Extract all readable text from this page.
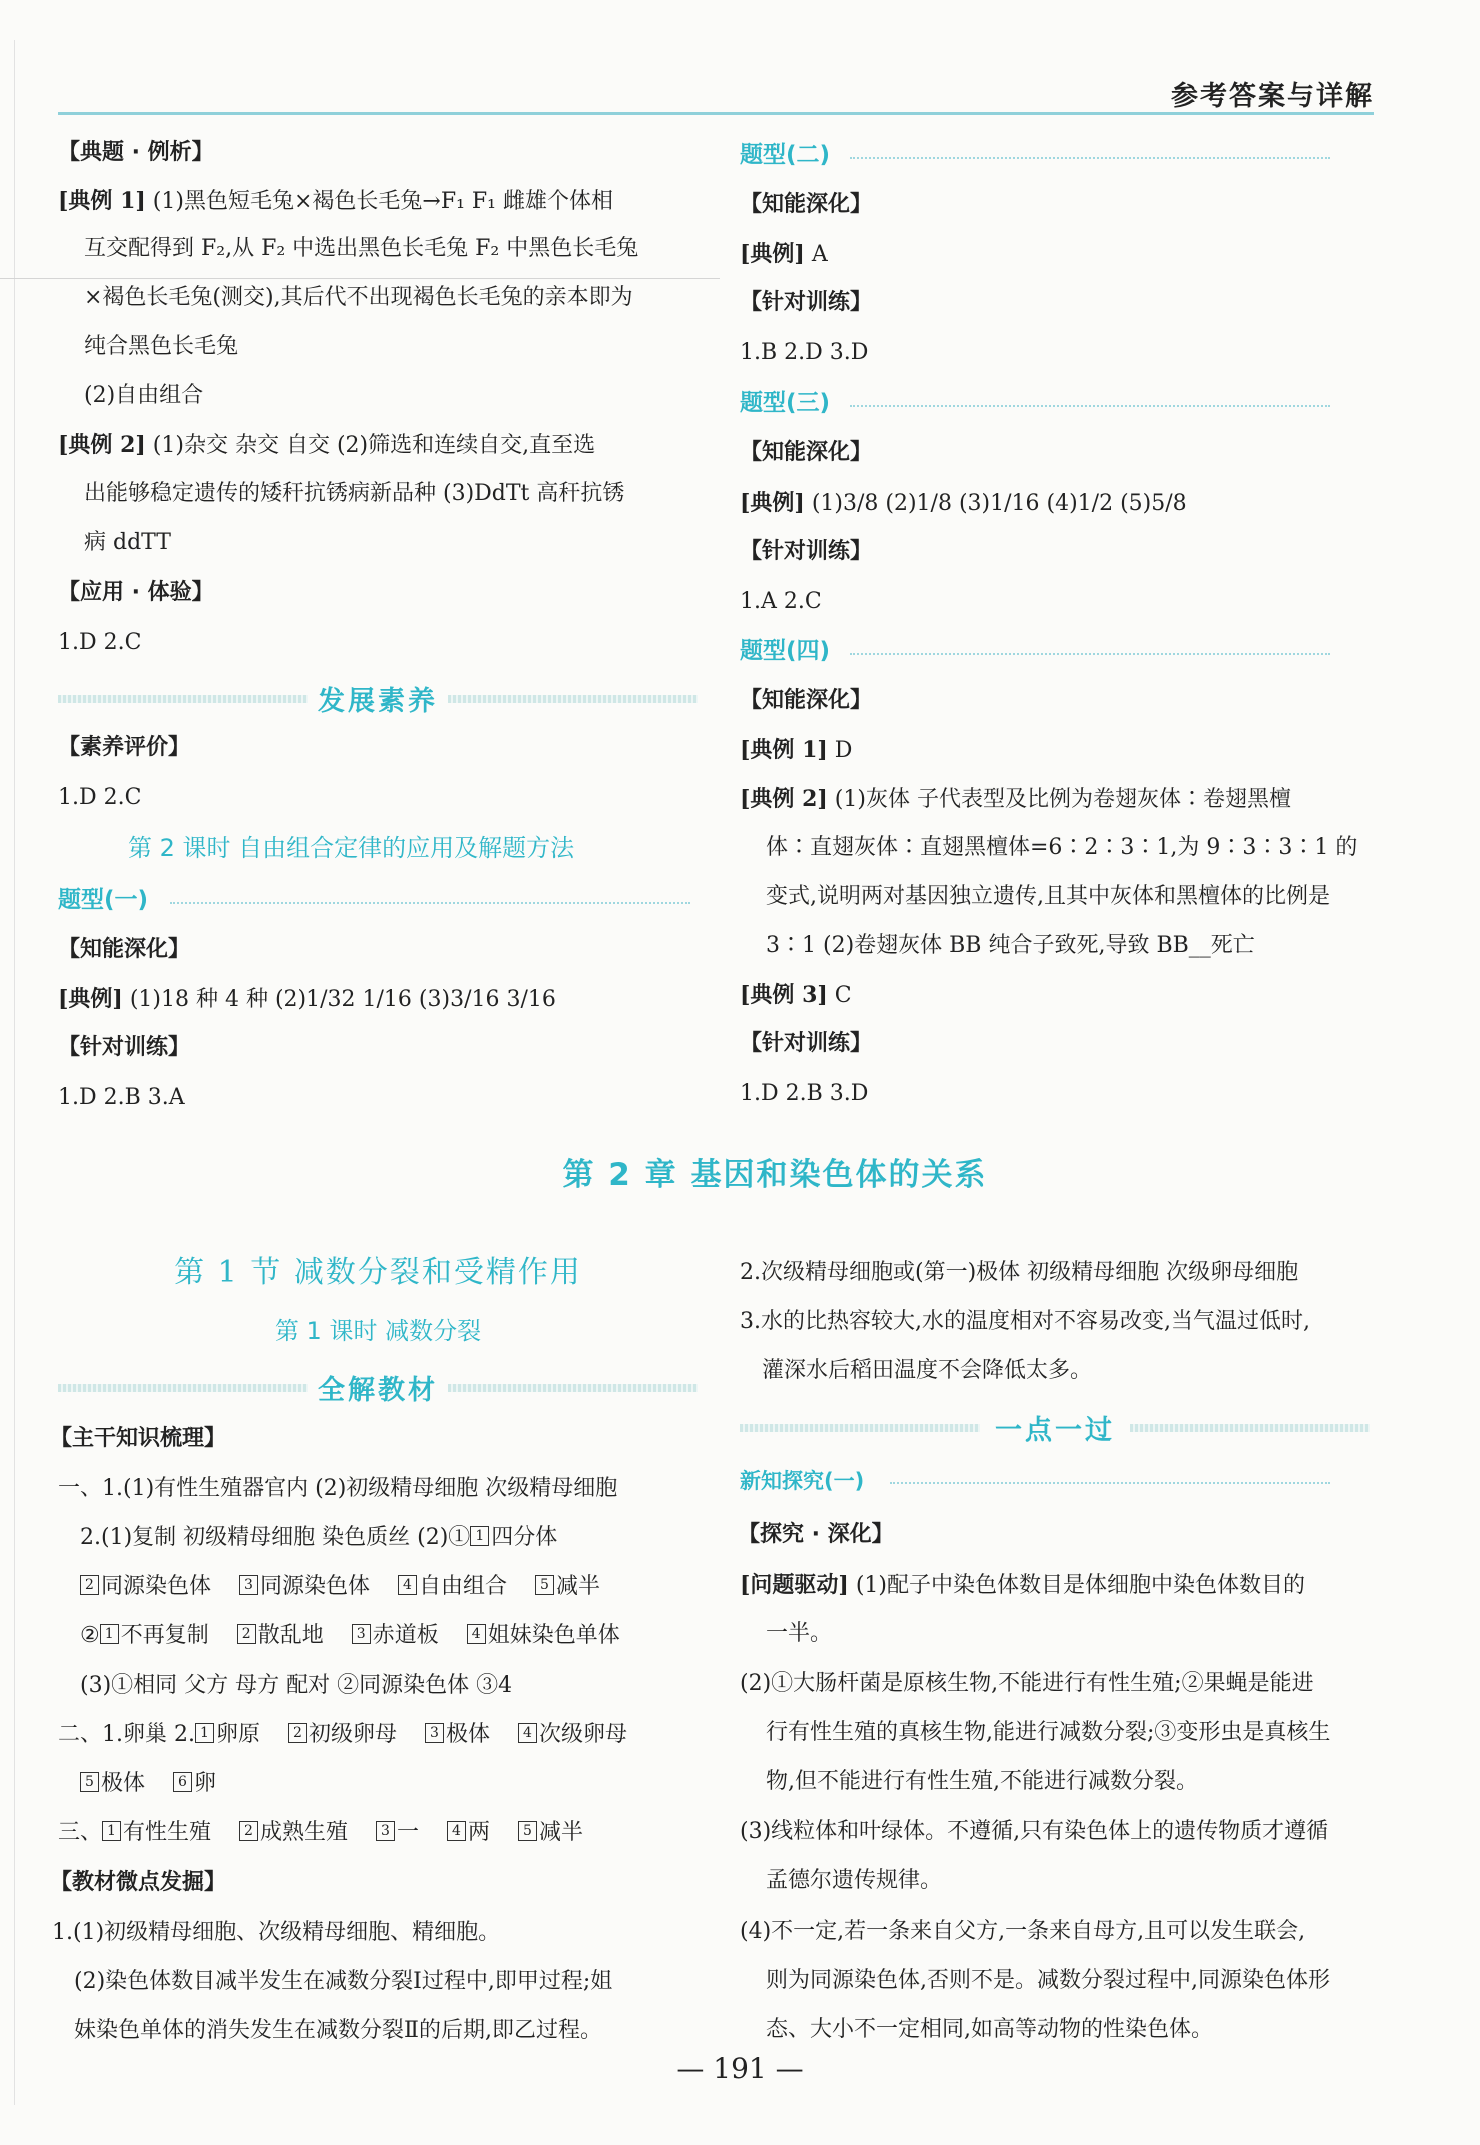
参考答案与详解
【典题 · 例析】
[典例 1] (1)黑色短毛兔×褐色长毛兔→F₁ F₁ 雌雄个体相
互交配得到 F₂,从 F₂ 中选出黑色长毛兔 F₂ 中黑色长毛兔
×褐色长毛兔(测交),其后代不出现褐色长毛兔的亲本即为
纯合黑色长毛兔
(2)自由组合
[典例 2] (1)杂交 杂交 自交 (2)筛选和连续自交,直至选
出能够稳定遗传的矮秆抗锈病新品种 (3)DdTt 高秆抗锈
病 ddTT
【应用 · 体验】
1.D 2.C
发展素养
【素养评价】
1.D 2.C
第 2 课时 自由组合定律的应用及解题方法
题型(一)
【知能深化】
[典例] (1)18 种 4 种 (2)1/32 1/16 (3)3/16 3/16
【针对训练】
1.D 2.B 3.A
题型(二)
【知能深化】
[典例] A
【针对训练】
1.B 2.D 3.D
题型(三)
【知能深化】
[典例] (1)3/8 (2)1/8 (3)1/16 (4)1/2 (5)5/8
【针对训练】
1.A 2.C
题型(四)
【知能深化】
[典例 1] D
[典例 2] (1)灰体 子代表型及比例为卷翅灰体∶卷翅黑檀
体∶直翅灰体∶直翅黑檀体=6∶2∶3∶1,为 9∶3∶3∶1 的
变式,说明两对基因独立遗传,且其中灰体和黑檀体的比例是
3∶1 (2)卷翅灰体 BB 纯合子致死,导致 BB__死亡
[典例 3] C
【针对训练】
1.D 2.B 3.D
第 2 章 基因和染色体的关系
第 1 节 减数分裂和受精作用
第 1 课时 减数分裂
全解教材
【主干知识梳理】
一、1.(1)有性生殖器官内 (2)初级精母细胞 次级精母细胞
2.(1)复制 初级精母细胞 染色质丝 (2)① 1 四分体
2 同源染色体 3 同源染色体 4 自由组合 5 减半
② 1 不再复制 2 散乱地 3 赤道板 4 姐妹染色单体
(3)①相同 父方 母方 配对 ②同源染色体 ③4
二、1.卵巢 2. 1 卵原 2 初级卵母 3 极体 4 次级卵母
5 极体 6 卵
三、 1 有性生殖 2 成熟生殖 3 一 4 两 5 减半
【教材微点发掘】
1.(1)初级精母细胞、次级精母细胞、精细胞。
(2)染色体数目减半发生在减数分裂Ⅰ过程中,即甲过程;姐
妹染色单体的消失发生在减数分裂Ⅱ的后期,即乙过程。
2.次级精母细胞或(第一)极体 初级精母细胞 次级卵母细胞
3.水的比热容较大,水的温度相对不容易改变,当气温过低时,
灌深水后稻田温度不会降低太多。
一点一过
新知探究(一)
【探究 · 深化】
[问题驱动] (1)配子中染色体数目是体细胞中染色体数目的
一半。
(2)①大肠杆菌是原核生物,不能进行有性生殖;②果蝇是能进
行有性生殖的真核生物,能进行减数分裂;③变形虫是真核生
物,但不能进行有性生殖,不能进行减数分裂。
(3)线粒体和叶绿体。不遵循,只有染色体上的遗传物质才遵循
孟德尔遗传规律。
(4)不一定,若一条来自父方,一条来自母方,且可以发生联会,
则为同源染色体,否则不是。减数分裂过程中,同源染色体形
态、大小不一定相同,如高等动物的性染色体。
— 191 —
